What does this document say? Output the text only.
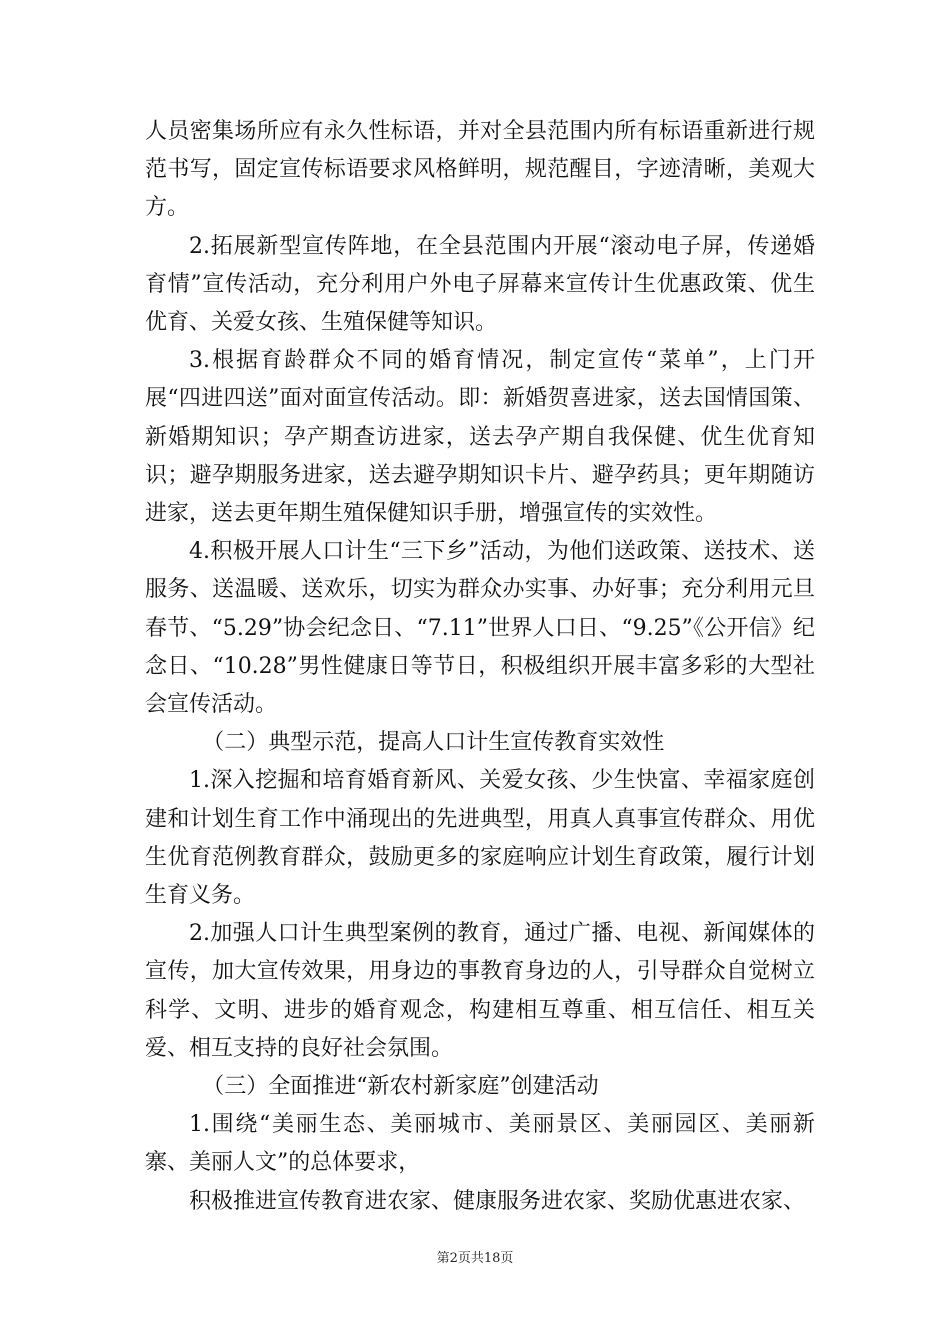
人员密集场所应有永久性标语，并对全县范围内所有标语重新进行规范书写，固定宣传标语要求风格鲜明，规范醒目，字迹清晰，美观大方。

2.拓展新型宣传阵地，在全县范围内开展“滚动电子屏，传递婚育情”宣传活动，充分利用户外电子屏幕来宣传计生优惠政策、优生优育、关爱女孩、生殖保健等知识。

3.根据育龄群众不同的婚育情况，制定宣传“菜单”，上门开展“四进四送”面对面宣传活动。即：新婚贺喜进家，送去国情国策、新婚期知识；孕产期查访进家，送去孕产期自我保健、优生优育知识；避孕期服务进家，送去避孕期知识卡片、避孕药具；更年期随访进家，送去更年期生殖保健知识手册，增强宣传的实效性。

4.积极开展人口计生“三下乡”活动，为他们送政策、送技术、送服务、送温暖、送欢乐，切实为群众办实事、办好事；充分利用元旦春节、“5.29”协会纪念日、“7.11”世界人口日、“9.25”《公开信》纪念日、“10.28”男性健康日等节日，积极组织开展丰富多彩的大型社会宣传活动。

（二）典型示范，提高人口计生宣传教育实效性

1.深入挖掘和培育婚育新风、关爱女孩、少生快富、幸福家庭创建和计划生育工作中涌现出的先进典型，用真人真事宣传群众、用优生优育范例教育群众，鼓励更多的家庭响应计划生育政策，履行计划生育义务。

2.加强人口计生典型案例的教育，通过广播、电视、新闻媒体的宣传，加大宣传效果，用身边的事教育身边的人，引导群众自觉树立科学、文明、进步的婚育观念，构建相互尊重、相互信任、相互关爱、相互支持的良好社会氛围。

（三）全面推进“新农村新家庭”创建活动

1.围绕“美丽生态、美丽城市、美丽景区、美丽园区、美丽新寨、美丽人文”的总体要求，

积极推进宣传教育进农家、健康服务进农家、奖励优惠进农家、

第2页共18页
